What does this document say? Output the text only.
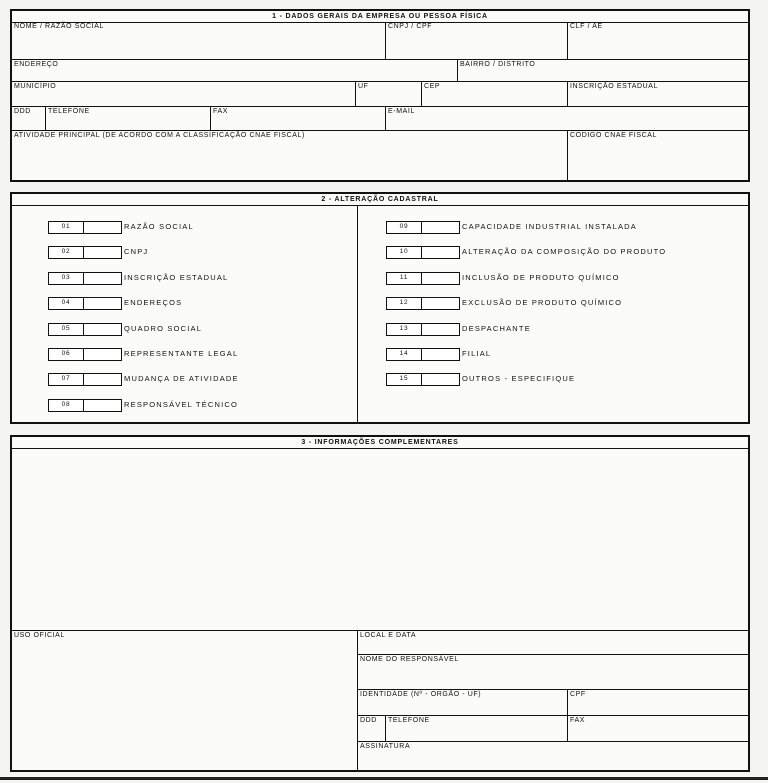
1 - DADOS GERAIS DA EMPRESA OU PESSOA FÍSICA
NOME / RAZÃO SOCIAL	CNPJ / CPF	CLF / AE
ENDEREÇO	BAIRRO / DISTRITO
MUNICÍPIO	UF	CEP	INSCRIÇÃO ESTADUAL
DDD TELEFONE	FAX	E-MAIL
ATIVIDADE PRINCIPAL (DE ACORDO COM A CLASSIFICAÇÃO CNAE FISCAL)	CÓDIGO CNAE FISCAL
2 - ALTERAÇÃO CADASTRAL
01	RAZÃO SOCIAL
02	CNPJ
03	INSCRIÇÃO ESTADUAL
04	ENDEREÇOS
05	QUADRO SOCIAL
06	REPRESENTANTE LEGAL
07	MUDANÇA DE ATIVIDADE
08	RESPONSÁVEL TÉCNICO
09	CAPACIDADE INDUSTRIAL INSTALADA
10	ALTERAÇÃO DA COMPOSIÇÃO DO PRODUTO
11	INCLUSÃO DE PRODUTO QUÍMICO
12	EXCLUSÃO DE PRODUTO QUÍMICO
13	DESPACHANTE
14	FILIAL
15	OUTROS - ESPECIFIQUE
3 - INFORMAÇÕES COMPLEMENTARES
USO OFICIAL	LOCAL E DATA
NOME DO RESPONSÁVEL
IDENTIDADE (Nº - ÓRGÃO - UF)	CPF
DDD TELEFONE	FAX
ASSINATURA
